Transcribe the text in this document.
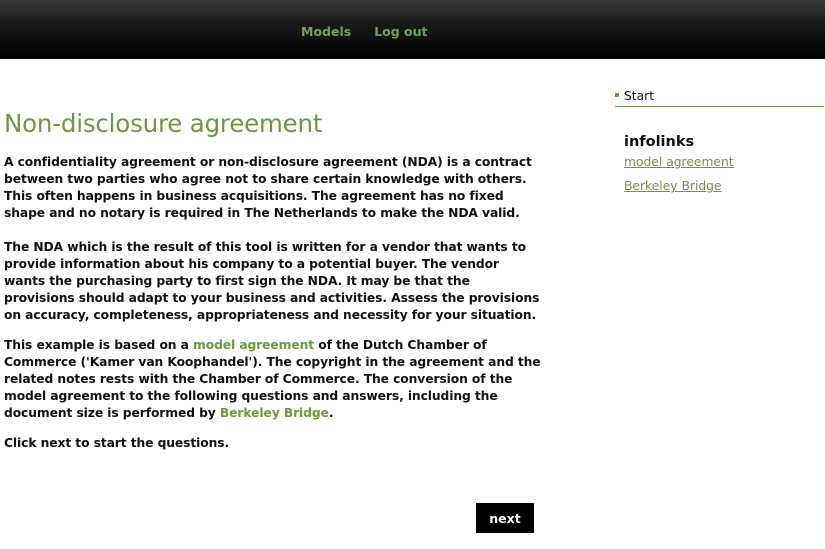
Models Log out
Non-disclosure agreement

A confidentiality agreement or non-disclosure agreement (NDA) is a contract between two parties who agree not to share certain knowledge with others. This often happens in business acquisitions. The agreement has no fixed shape and no notary is required in The Netherlands to make the NDA valid.

The NDA which is the result of this tool is written for a vendor that wants to provide information about his company to a potential buyer. The vendor wants the purchasing party to first sign the NDA. It may be that the provisions should adapt to your business and activities. Assess the provisions on accuracy, completeness, appropriateness and necessity for your situation.

This example is based on a model agreement of the Dutch Chamber of Commerce ('Kamer van Koophandel'). The copyright in the agreement and the related notes rests with the Chamber of Commerce. The conversion of the model agreement to the following questions and answers, including the document size is performed by Berkeley Bridge.

Click next to start the questions.

next
Start
infolinks
model agreement
Berkeley Bridge
